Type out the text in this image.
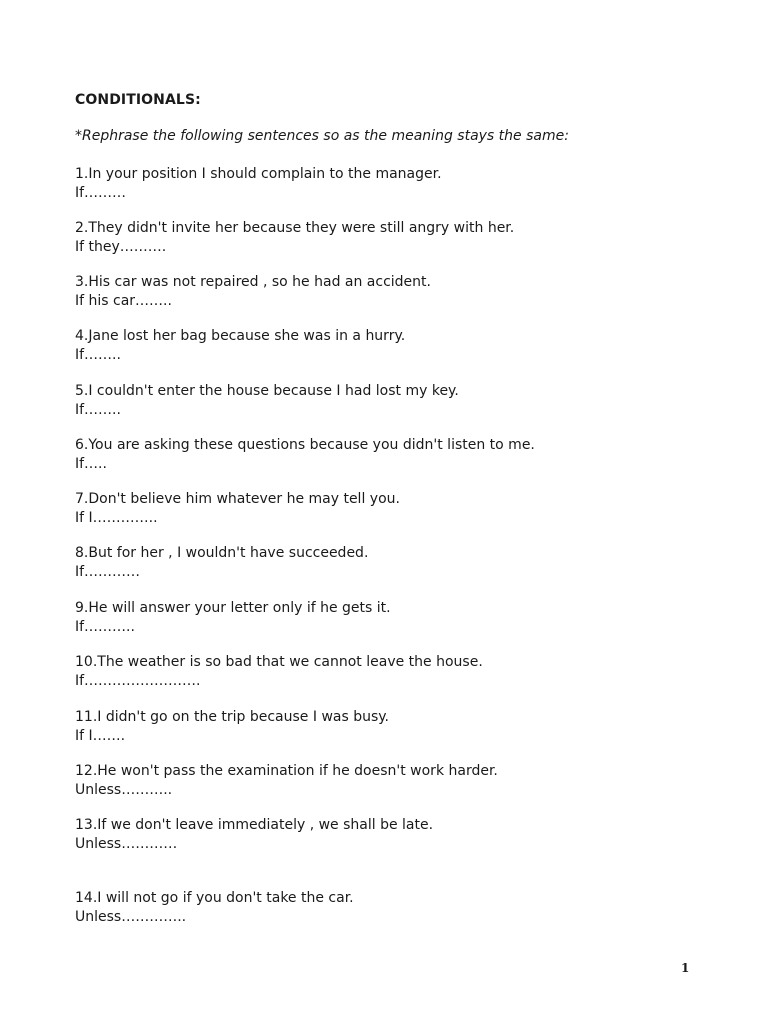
CONDITIONALS:

*Rephrase the following sentences so as the meaning stays the same:

1.In your position I should complain to the manager.
If………
2.They didn't invite her because they were still angry with her.
If they……….
3.His car was not repaired , so he had an accident.
If his car……..
4.Jane lost her bag because she was in a hurry.
If……..
5.I couldn't enter the house because I had lost my key.
If……..
6.You are asking these questions because you didn't listen to me.
If…..
7.Don't believe him whatever he may tell you.
If I…………..
8.But for her , I wouldn't have succeeded.
If…………
9.He will answer your letter only if he gets it.
If………..
10.The weather is so bad that we cannot leave the house.
If…………………….
11.I didn't go on the trip because I was busy.
If I…….
12.He won't pass the examination if he doesn't work harder.
Unless………..
13.If we don't leave immediately , we shall be late.
Unless…………
14.I will not go if you don't take the car.
Unless…………..
1
